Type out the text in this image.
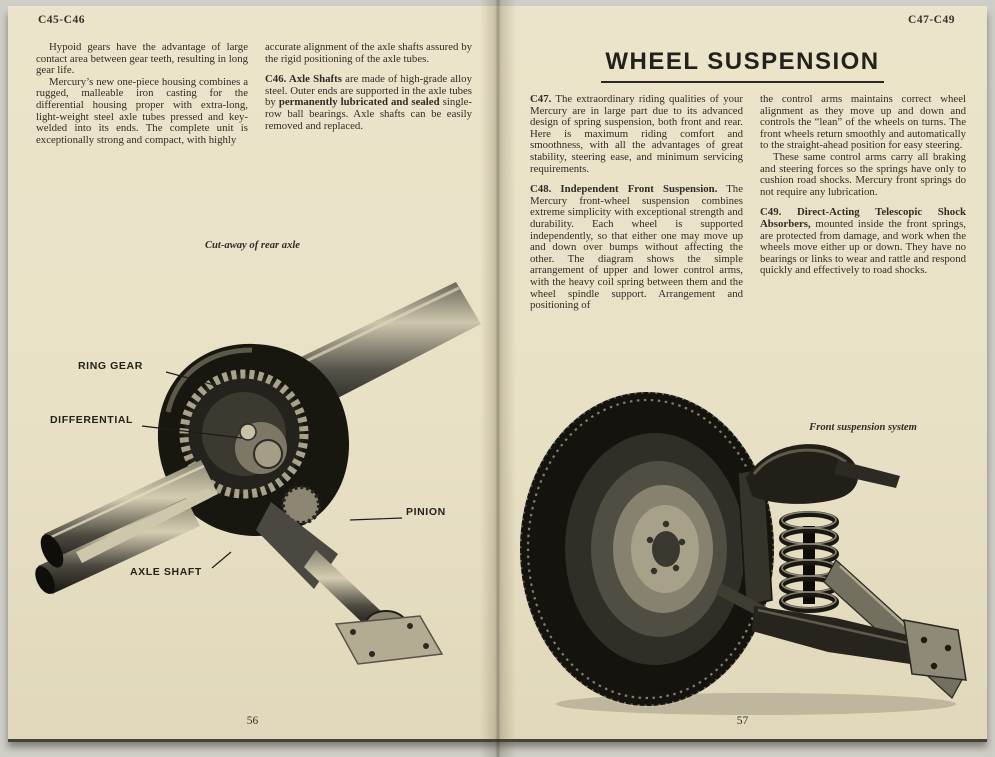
C45-C46

Hypoid gears have the advantage of large contact area between gear teeth, resulting in long gear life.

Mercury’s new one-piece housing combines a rugged, malleable iron casting for the differential housing proper with extra-long, light-weight steel axle tubes pressed and key-welded into its ends. The complete unit is exceptionally strong and compact, with highly

accurate alignment of the axle shafts assured by the rigid positioning of the axle tubes.

C46. Axle Shafts are made of high-grade alloy steel. Outer ends are supported in the axle tubes by permanently lubricated and sealed single-row ball bearings. Axle shafts can be easily removed and replaced.

Cut-away of rear axle
RING GEAR
DIFFERENTIAL
PINION
AXLE SHAFT
56
C47-C49
WHEEL SUSPENSION

C47. The extraordinary riding qualities of your Mercury are in large part due to its advanced design of spring suspension, both front and rear. Here is maximum riding comfort and smoothness, with all the advantages of great stability, steering ease, and minimum servicing requirements.

C48. Independent Front Suspension. The Mercury front-wheel suspension combines extreme simplicity with exceptional strength and durability. Each wheel is supported independently, so that either one may move up and down over bumps without affecting the other. The diagram shows the simple arrangement of upper and lower control arms, with the heavy coil spring between them and the wheel spindle support. Arrangement and positioning of

the control arms maintains correct wheel alignment as they move up and down and controls the “lean” of the wheels on turns. The front wheels return smoothly and automatically to the straight-ahead position for easy steering.

These same control arms carry all braking and steering forces so the springs have only to cushion road shocks. Mercury front springs do not require any lubrication.

C49. Direct-Acting Telescopic Shock Absorbers, mounted inside the front springs, are protected from damage, and work when the wheels move either up or down. They have no bearings or links to wear and rattle and respond quickly and effectively to road shocks.

Front suspension system
57
